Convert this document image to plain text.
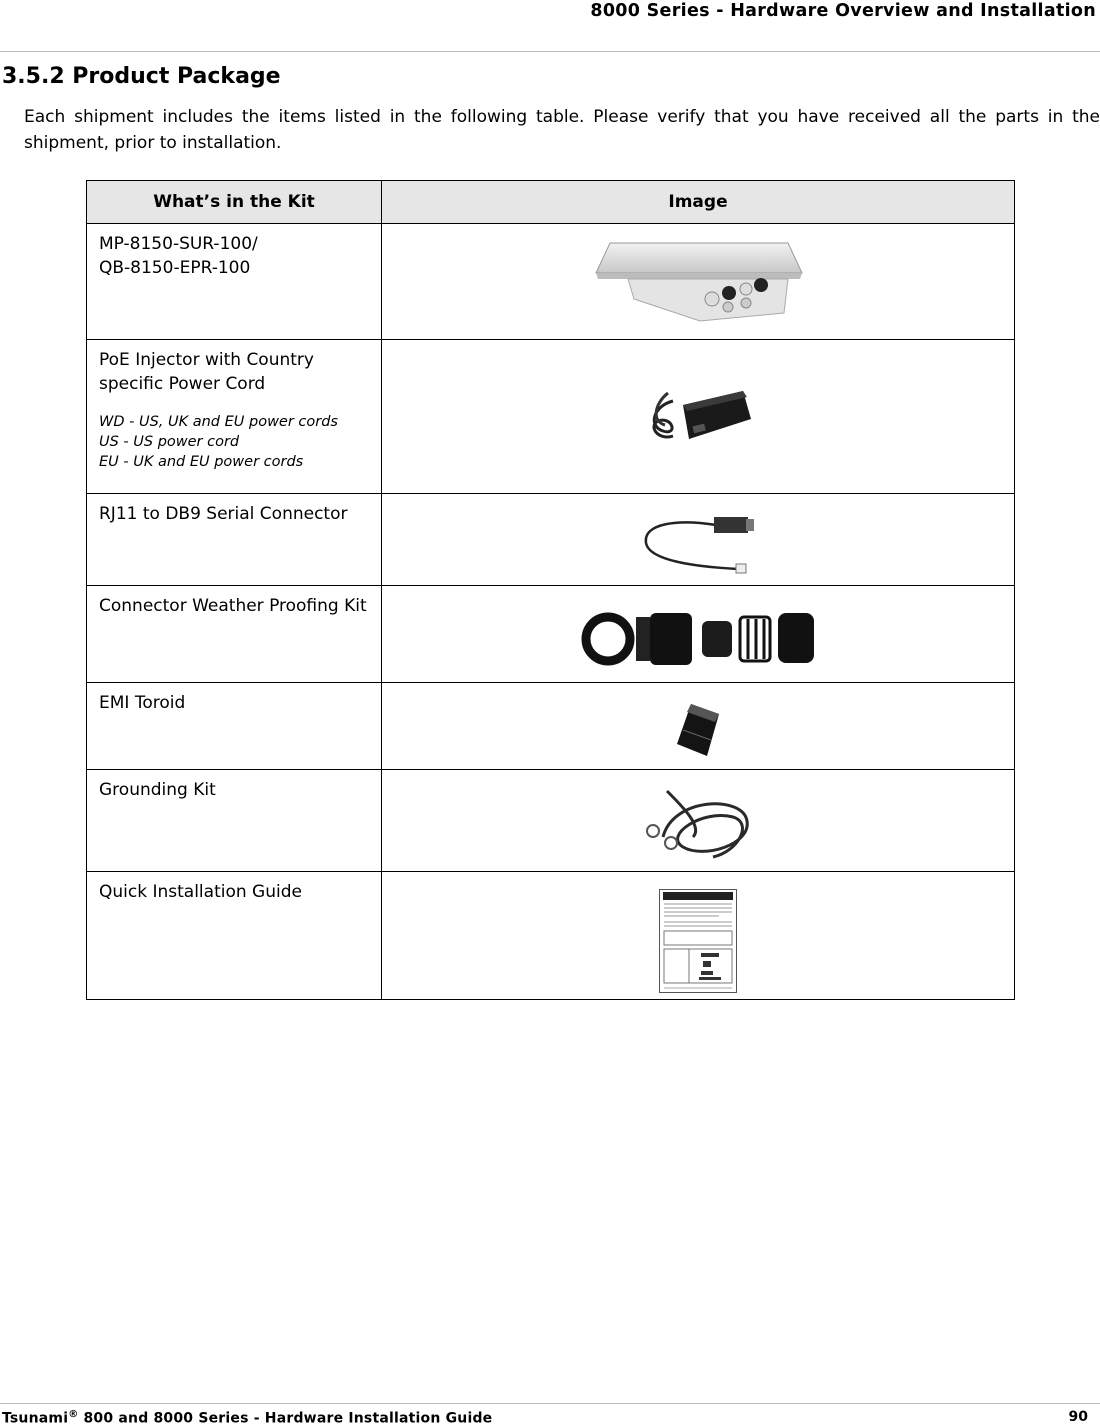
8000 Series - Hardware Overview and Installation
3.5.2 Product Package

Each shipment includes the items listed in the following table. Please verify that you have received all the parts in the shipment, prior to installation.

What’s in the Kit	Image

MP-8150-SUR-100/
QB-8150-EPR-100

PoE Injector with Country specific Power Cord
WD - US, UK and EU power cords
US - US power cord
EU - UK and EU power cords

RJ11 to DB9 Serial Connector

Connector Weather Proofing Kit

EMI Toroid

Grounding Kit

Quick Installation Guide

Tsunami® 800 and 8000 Series - Hardware Installation Guide	90
